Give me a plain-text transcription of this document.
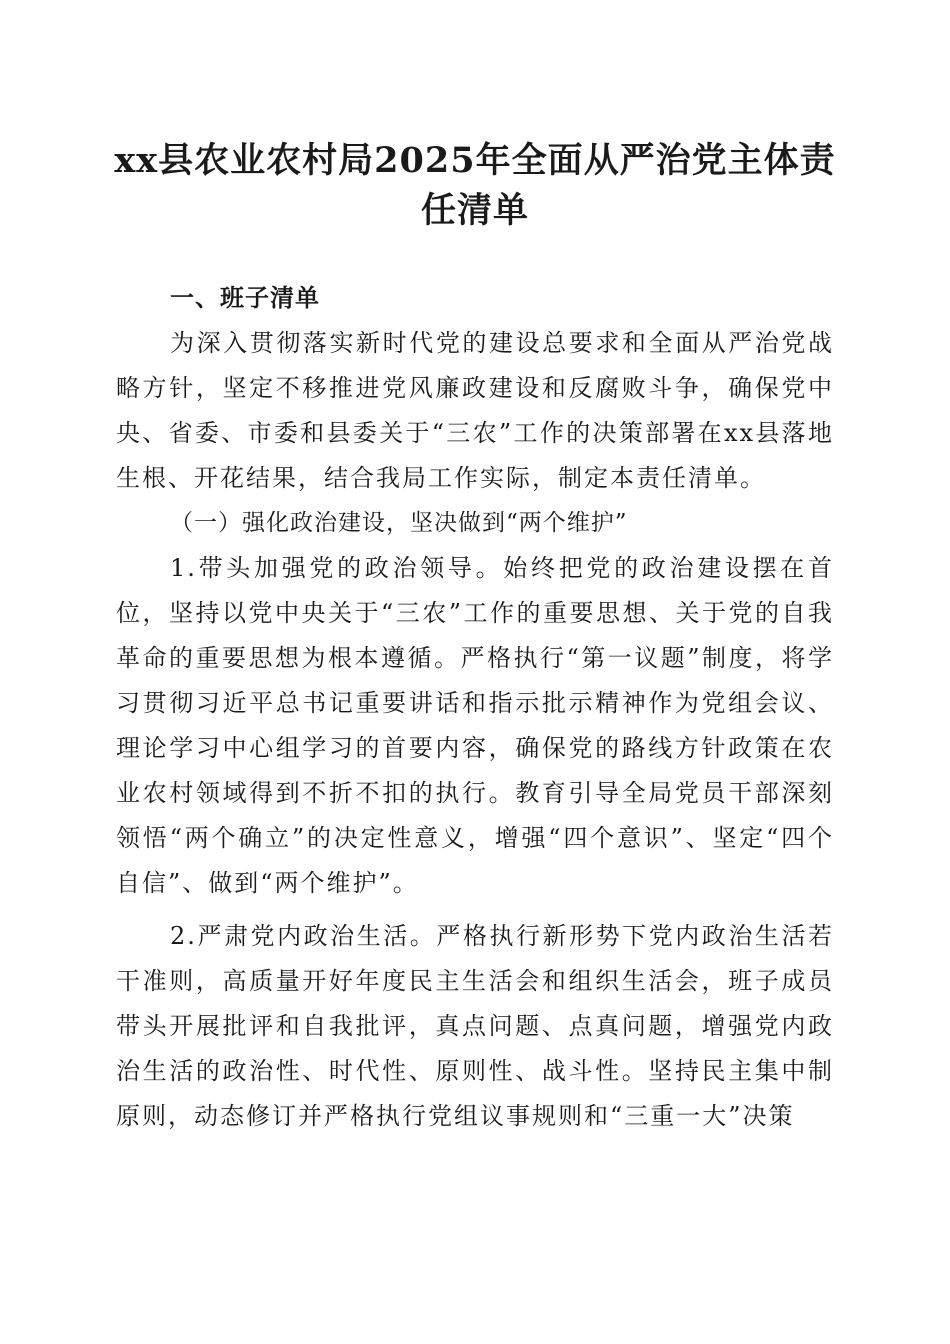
xx县农业农村局2025年全面从严治党主体责任清单
一、班子清单

为深入贯彻落实新时代党的建设总要求和全面从严治党战略方针，坚定不移推进党风廉政建设和反腐败斗争，确保党中央、省委、市委和县委关于“三农”工作的决策部署在xx县落地生根、开花结果，结合我局工作实际，制定本责任清单。

（一）强化政治建设，坚决做到“两个维护”

1.带头加强党的政治领导。始终把党的政治建设摆在首位，坚持以党中央关于“三农”工作的重要思想、关于党的自我革命的重要思想为根本遵循。严格执行“第一议题”制度，将学习贯彻习近平总书记重要讲话和指示批示精神作为党组会议、理论学习中心组学习的首要内容，确保党的路线方针政策在农业农村领域得到不折不扣的执行。教育引导全局党员干部深刻领悟“两个确立”的决定性意义，增强“四个意识”、坚定“四个自信”、做到“两个维护”。

2.严肃党内政治生活。严格执行新形势下党内政治生活若干准则，高质量开好年度民主生活会和组织生活会，班子成员带头开展批评和自我批评，真点问题、点真问题，增强党内政治生活的政治性、时代性、原则性、战斗性。坚持民主集中制原则，动态修订并严格执行党组议事规则和“三重一大”决策
